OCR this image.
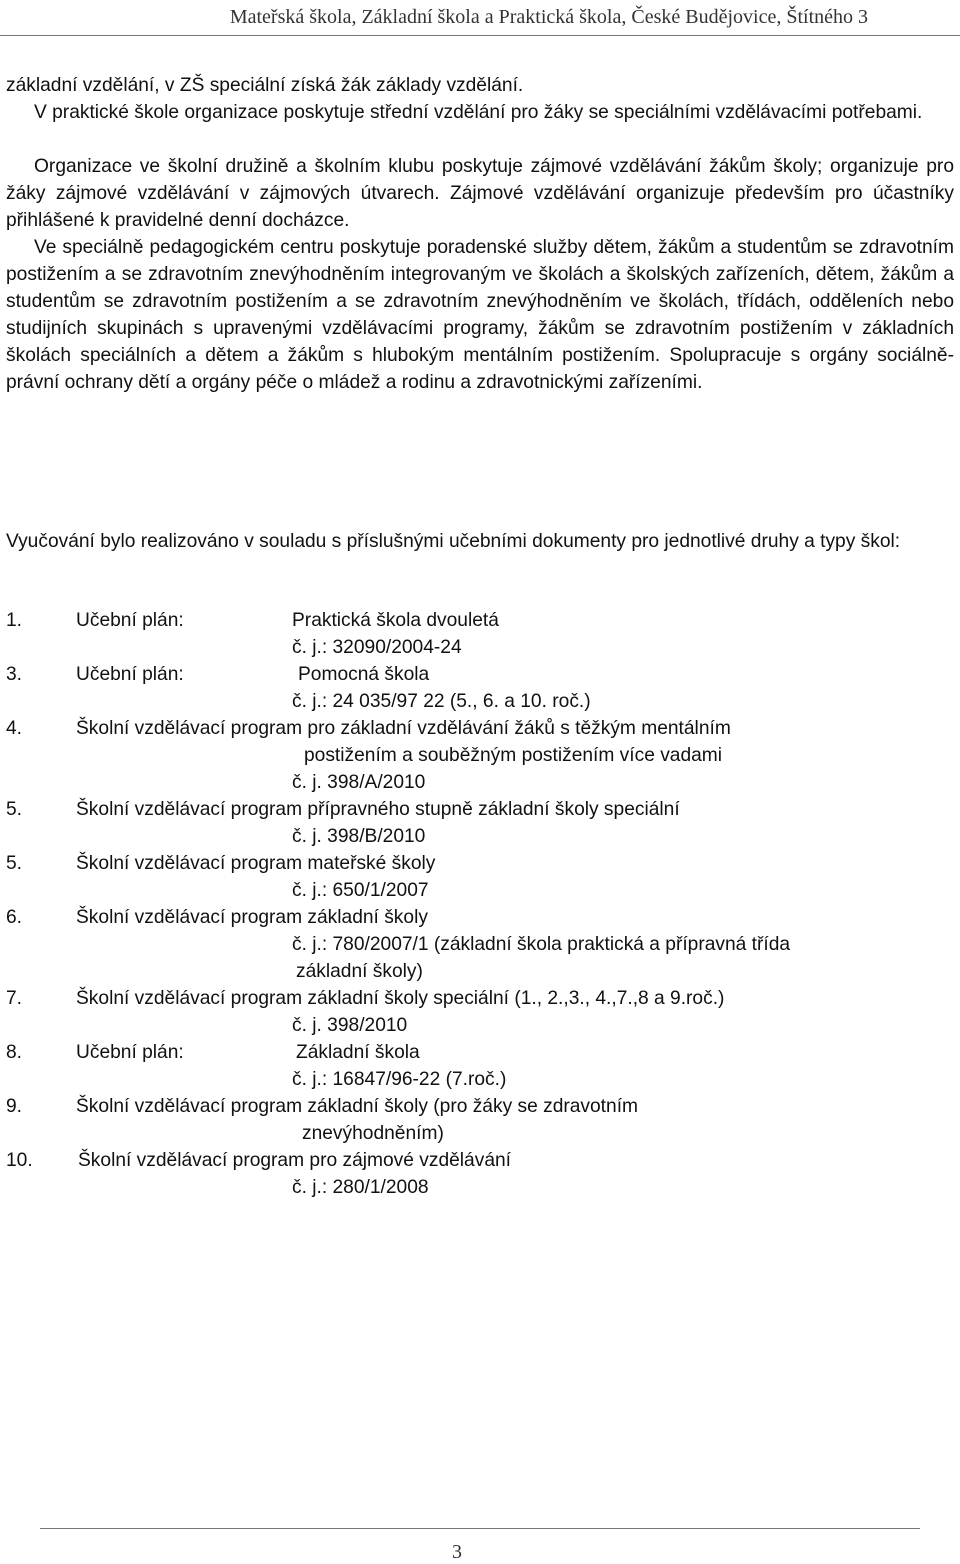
Mateřská škola, Základní škola a Praktická škola, České Budějovice, Štítného 3

základní vzdělání, v ZŠ speciální získá žák základy vzdělání.

V praktické škole organizace poskytuje střední vzdělání pro žáky se speciálními vzdělávacími potřebami.

Organizace ve školní družině a školním klubu poskytuje zájmové vzdělávání žákům školy; organizuje pro žáky zájmové vzdělávání v zájmových útvarech. Zájmové vzdělávání organizuje především pro účastníky přihlášené k pravidelné denní docházce.

Ve speciálně pedagogickém centru poskytuje poradenské služby dětem, žákům a studentům se zdravotním postižením a se zdravotním znevýhodněním integrovaným ve školách a školských zařízeních, dětem, žákům a studentům se zdravotním postižením a se zdravotním znevýhodněním ve školách, třídách, odděleních nebo studijních skupinách s upravenými vzdělávacími programy, žákům se zdravotním postižením v základních školách speciálních a dětem a žákům s hlubokým mentálním postižením. Spolupracuje s orgány sociálně-právní ochrany dětí a orgány péče o mládež a rodinu a zdravotnickými zařízeními.

Vyučování bylo realizováno v souladu s příslušnými učebními dokumenty pro jednotlivé druhy a typy škol:

1.	Učební plán:	Praktická škola dvouletá
č. j.: 32090/2004-24
3.	Učební plán:	Pomocná škola
č. j.: 24 035/97 22 (5., 6. a 10. roč.)
4.	Školní vzdělávací program pro základní vzdělávání žáků s těžkým mentálním
postižením a souběžným postižením více vadami
č. j. 398/A/2010
5.	Školní vzdělávací program přípravného stupně základní školy speciální
č. j. 398/B/2010
5.	Školní vzdělávací program mateřské školy
č. j.: 650/1/2007
6.	Školní vzdělávací program základní školy
č. j.: 780/2007/1 (základní škola praktická a přípravná třída
základní školy)
7.	Školní vzdělávací program základní školy speciální (1., 2.,3., 4.,7.,8 a 9.roč.)
č. j. 398/2010
8.	Učební plán:	Základní škola
č. j.: 16847/96-22 (7.roč.)
9.	Školní vzdělávací program základní školy (pro žáky se zdravotním
znevýhodněním)
10. Školní vzdělávací program pro zájmové vzdělávání
č. j.: 280/1/2008
3
